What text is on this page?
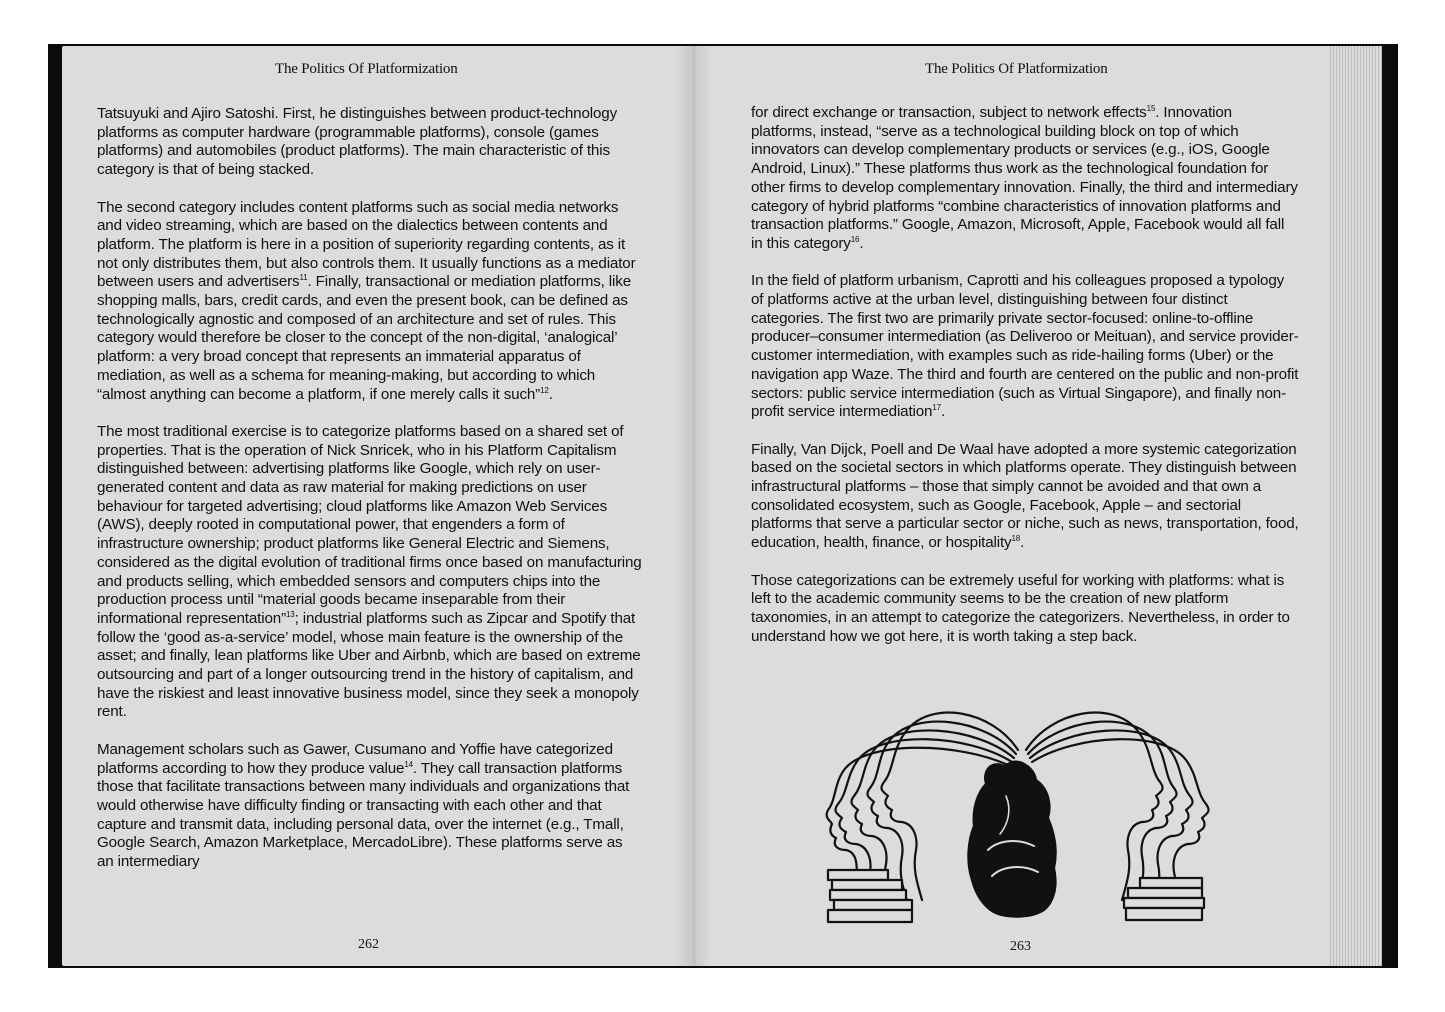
The Politics Of Platformization	The Politics Of Platformization

Tatsuyuki and Ajiro Satoshi. First, he distinguishes between product-technology platforms as computer hardware (programmable platforms), console (games platforms) and automobiles (product platforms). The main characteristic of this category is that of being stacked.

The second category includes content platforms such as social media networks and video streaming, which are based on the dialectics between contents and platform. The platform is here in a position of superiority regarding contents, as it not only distributes them, but also controls them. It usually functions as a mediator between users and advertisers$^{11}$. Finally, transactional or mediation platforms, like shopping malls, bars, credit cards, and even the present book, can be defined as technologically agnostic and composed of an architecture and set of rules. This category would therefore be closer to the concept of the non-digital, ‘analogical’ platform: a very broad concept that represents an immaterial apparatus of mediation, as well as a schema for meaning-making, but according to which “almost anything can become a platform, if one merely calls it such”$^{12}$.

The most traditional exercise is to categorize platforms based on a shared set of properties. That is the operation of Nick Snricek, who in his Platform Capitalism distinguished between: advertising platforms like Google, which rely on user-generated content and data as raw material for making predictions on user behaviour for targeted advertising; cloud platforms like Amazon Web Services (AWS), deeply rooted in computational power, that engenders a form of infrastructure ownership; product platforms like General Electric and Siemens, considered as the digital evolution of traditional firms once based on manufacturing and products selling, which embedded sensors and computers chips into the production process until “material goods became inseparable from their informational representation”$^{13}$; industrial platforms such as Zipcar and Spotify that follow the ‘good as-a-service’ model, whose main feature is the ownership of the asset; and finally, lean platforms like Uber and Airbnb, which are based on extreme outsourcing and part of a longer outsourcing trend in the history of capitalism, and have the riskiest and least innovative business model, since they seek a monopoly rent.

Management scholars such as Gawer, Cusumano and Yoffie have categorized platforms according to how they produce value$^{14}$. They call transaction platforms those that facilitate transactions between many individuals and organizations that would otherwise have difficulty finding or transacting with each other and that capture and transmit data, including personal data, over the internet (e.g., Tmall, Google Search, Amazon Marketplace, MercadoLibre). These platforms serve as an intermediary

for direct exchange or transaction, subject to network effects$^{15}$. Innovation platforms, instead, “serve as a technological building block on top of which innovators can develop complementary products or services (e.g., iOS, Google Android, Linux).” These platforms thus work as the technological foundation for other firms to develop complementary innovation. Finally, the third and intermediary category of hybrid platforms “combine characteristics of innovation platforms and transaction platforms.” Google, Amazon, Microsoft, Apple, Facebook would all fall in this category$^{16}$.

In the field of platform urbanism, Caprotti and his colleagues proposed a typology of platforms active at the urban level, distinguishing between four distinct categories. The first two are primarily private sector-focused: online-to-offline producer–consumer intermediation (as Deliveroo or Meituan), and service provider-customer intermediation, with examples such as ride-hailing forms (Uber) or the navigation app Waze. The third and fourth are centered on the public and non-profit sectors: public service intermediation (such as Virtual Singapore), and finally non-profit service intermediation$^{17}$.

Finally, Van Dijck, Poell and De Waal have adopted a more systemic categorization based on the societal sectors in which platforms operate. They distinguish between infrastructural platforms – those that simply cannot be avoided and that own a consolidated ecosystem, such as Google, Facebook, Apple – and sectorial platforms that serve a particular sector or niche, such as news, transportation, food, education, health, finance, or hospitality$^{18}$.

Those categorizations can be extremely useful for working with platforms: what is left to the academic community seems to be the creation of new platform taxonomies, in an attempt to categorize the categorizers. Nevertheless, in order to understand how we got here, it is worth taking a step back.

262	263
